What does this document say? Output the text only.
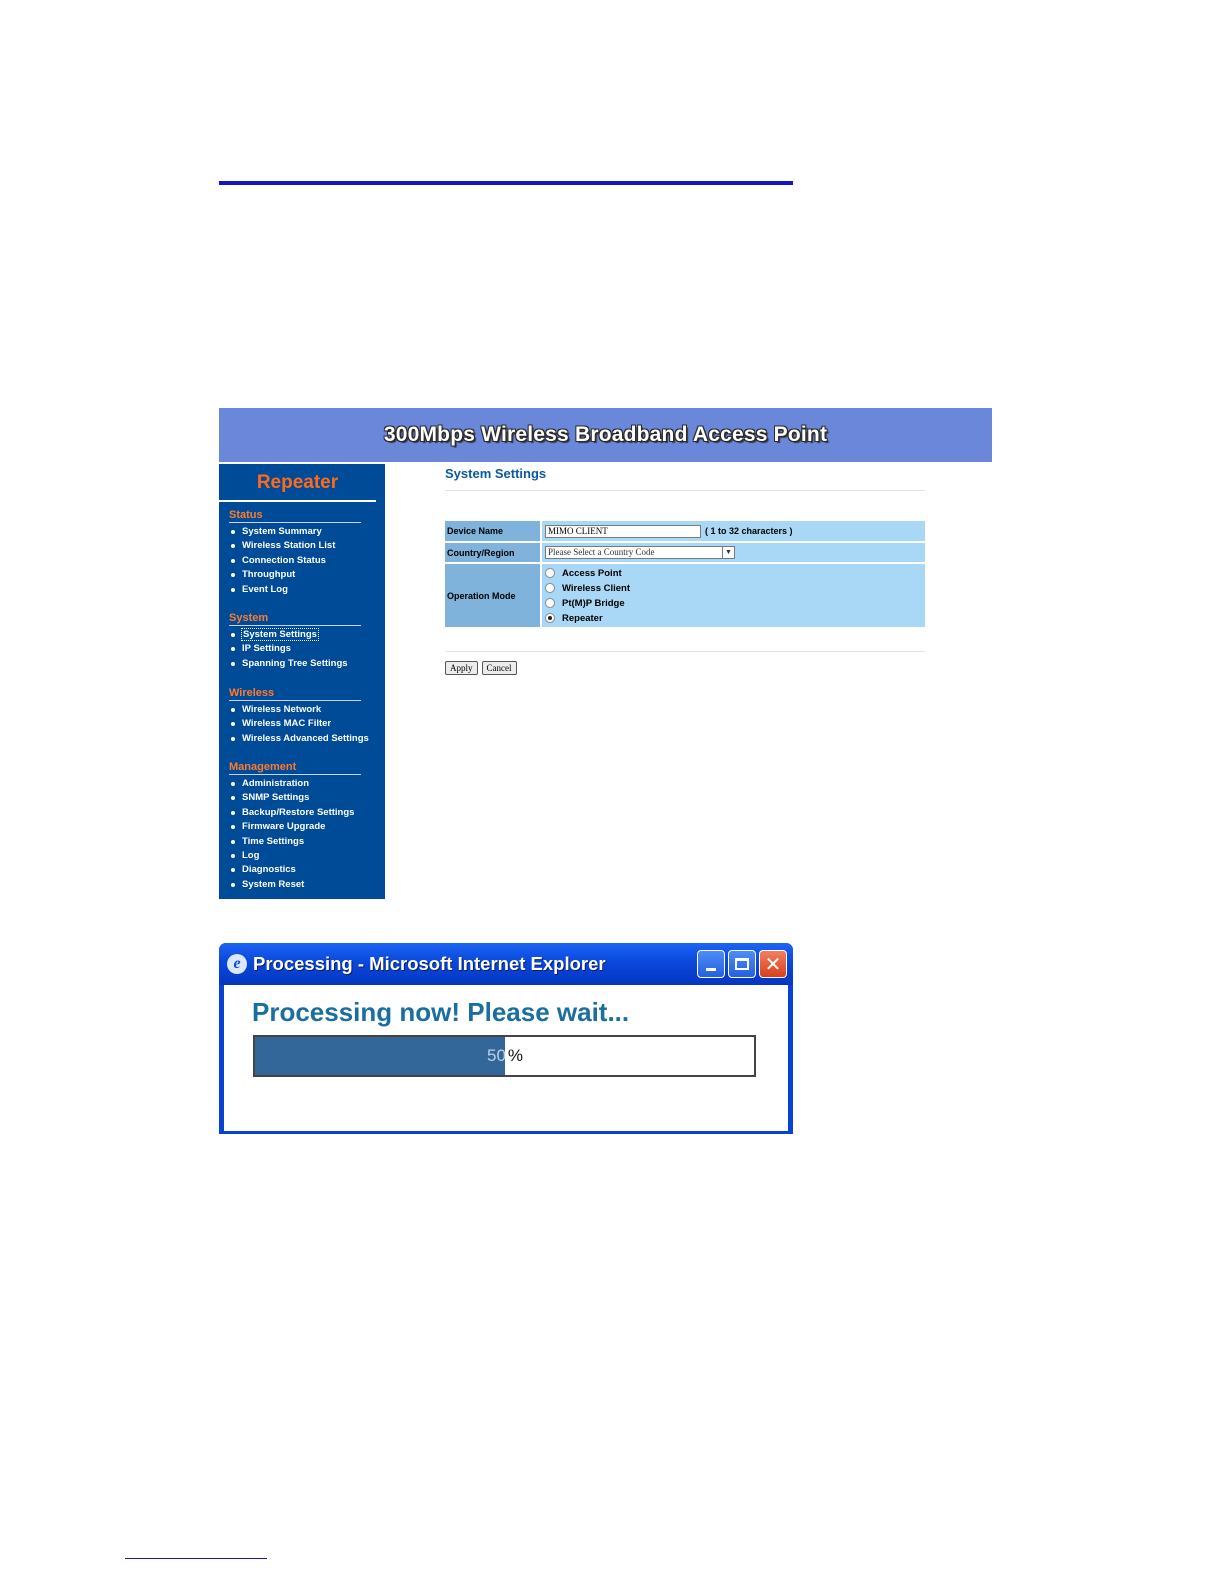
300Mbps Wireless Broadband Access Point
Repeater
Status
System Summary
Wireless Station List
Connection Status
Throughput
Event Log
System
System Settings
IP Settings
Spanning Tree Settings
Wireless
Wireless Network
Wireless MAC Filter
Wireless Advanced Settings
Management
Administration
SNMP Settings
Backup/Restore Settings
Firmware Upgrade
Time Settings
Log
Diagnostics
System Reset
System Settings
Device Name	MIMO CLIENT	( 1 to 32 characters )
Country/Region	Please Select a Country Code	▼
Operation Mode
Access Point
Wireless Client
Pt(M)P Bridge
Repeater
Apply	Cancel
e Processing - Microsoft Internet Explorer	✕

Processing now! Please wait...

50 %
